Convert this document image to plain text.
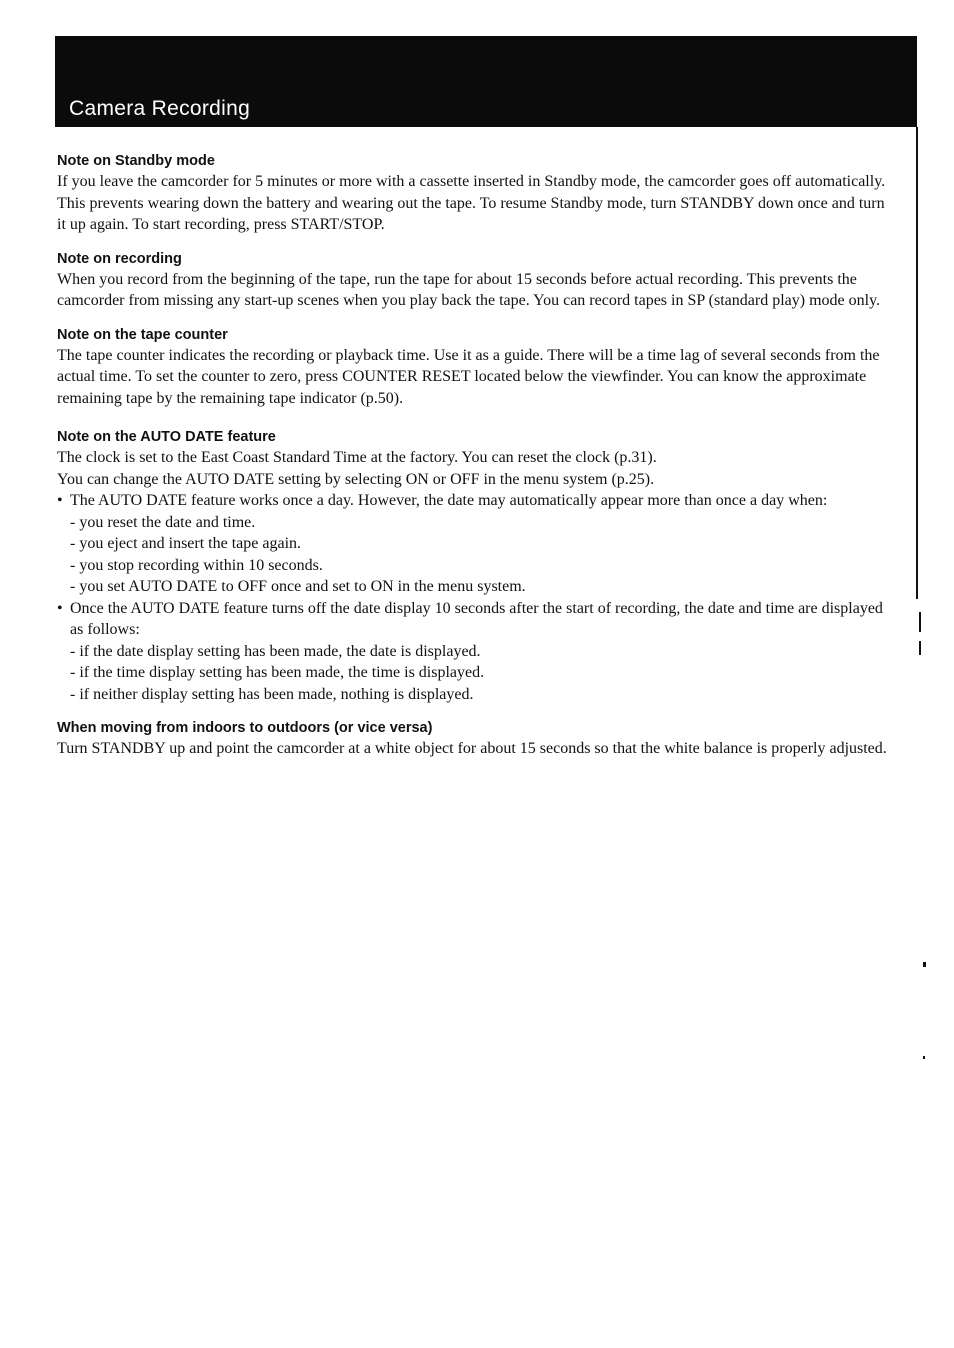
Camera Recording
Note on Standby mode

If you leave the camcorder for 5 minutes or more with a cassette inserted in Standby mode, the camcorder goes off automatically. This prevents wearing down the battery and wearing out the tape. To resume Standby mode, turn STANDBY down once and turn it up again. To start recording, press START/STOP.

Note on recording

When you record from the beginning of the tape, run the tape for about 15 seconds before actual recording. This prevents the camcorder from missing any start-up scenes when you play back the tape. You can record tapes in SP (standard play) mode only.

Note on the tape counter

The tape counter indicates the recording or playback time. Use it as a guide. There will be a time lag of several seconds from the actual time. To set the counter to zero, press COUNTER RESET located below the viewfinder. You can know the approximate remaining tape by the remaining tape indicator (p.50).

Note on the AUTO DATE feature

The clock is set to the East Coast Standard Time at the factory. You can reset the clock (p.31).

You can change the AUTO DATE setting by selecting ON or OFF in the menu system (p.25).

• The AUTO DATE feature works once a day. However, the date may automatically appear more than once a day when:
- you reset the date and time.
- you eject and insert the tape again.
- you stop recording within 10 seconds.
- you set AUTO DATE to OFF once and set to ON in the menu system.
• Once the AUTO DATE feature turns off the date display 10 seconds after the start of recording, the date and time are displayed as follows:
- if the date display setting has been made, the date is displayed.
- if the time display setting has been made, the time is displayed.
- if neither display setting has been made, nothing is displayed.
When moving from indoors to outdoors (or vice versa)

Turn STANDBY up and point the camcorder at a white object for about 15 seconds so that the white balance is properly adjusted.
